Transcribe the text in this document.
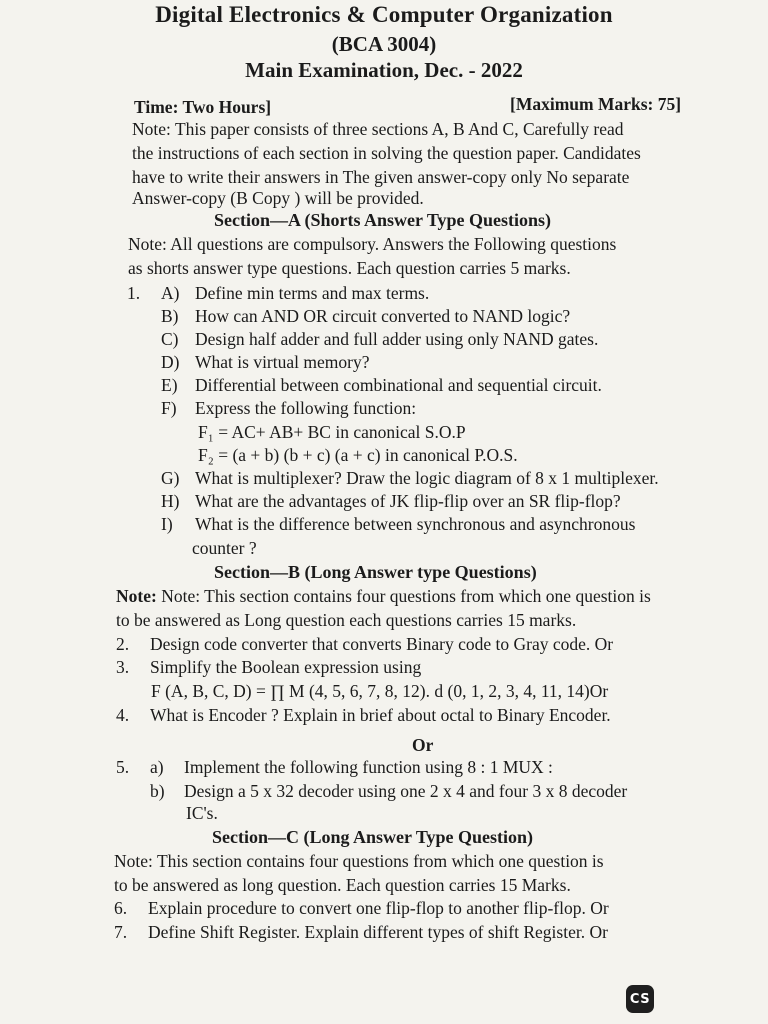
Digital Electronics & Computer Organization
(BCA 3004)
Main Examination, Dec. - 2022
Time: Two Hours]	[Maximum Marks: 75]
Note: This paper consists of three sections A, B And C, Carefully read
the instructions of each section in solving the question paper. Candidates
have to write their answers in The given answer-copy only No separate
Answer-copy (B Copy ) will be provided.
Section—A (Shorts Answer Type Questions)
Note: All questions are compulsory. Answers the Following questions
as shorts answer type questions. Each question carries 5 marks.
1. A) Define min terms and max terms.
B) How can AND OR circuit converted to NAND logic?
C) Design half adder and full adder using only NAND gates.
D) What is virtual memory?
E) Differential between combinational and sequential circuit.
F) Express the following function:
F₁ = AC+ AB+ BC in canonical S.O.P
F₂ = (a + b) (b + c) (a + c) in canonical P.O.S.
G) What is multiplexer? Draw the logic diagram of 8 x 1 multiplexer.
H) What are the advantages of JK flip-flip over an SR flip-flop?
I) What is the difference between synchronous and asynchronous
counter ?
Section—B (Long Answer type Questions)
Note: Note: This section contains four questions from which one question is
to be answered as Long question each questions carries 15 marks.
2. Design code converter that converts Binary code to Gray code. Or
3. Simplify the Boolean expression using
F (A, B, C, D) = ∏ M (4, 5, 6, 7, 8, 12). d (0, 1, 2, 3, 4, 11, 14)Or
4. What is Encoder ? Explain in brief about octal to Binary Encoder.
Or
5. a) Implement the following function using 8 : 1 MUX :
b) Design a 5 x 32 decoder using one 2 x 4 and four 3 x 8 decoder
IC's.
Section—C (Long Answer Type Question)
Note: This section contains four questions from which one question is
to be answered as long question. Each question carries 15 Marks.
6. Explain procedure to convert one flip-flop to another flip-flop. Or
7. Define Shift Register. Explain different types of shift Register. Or
CS
